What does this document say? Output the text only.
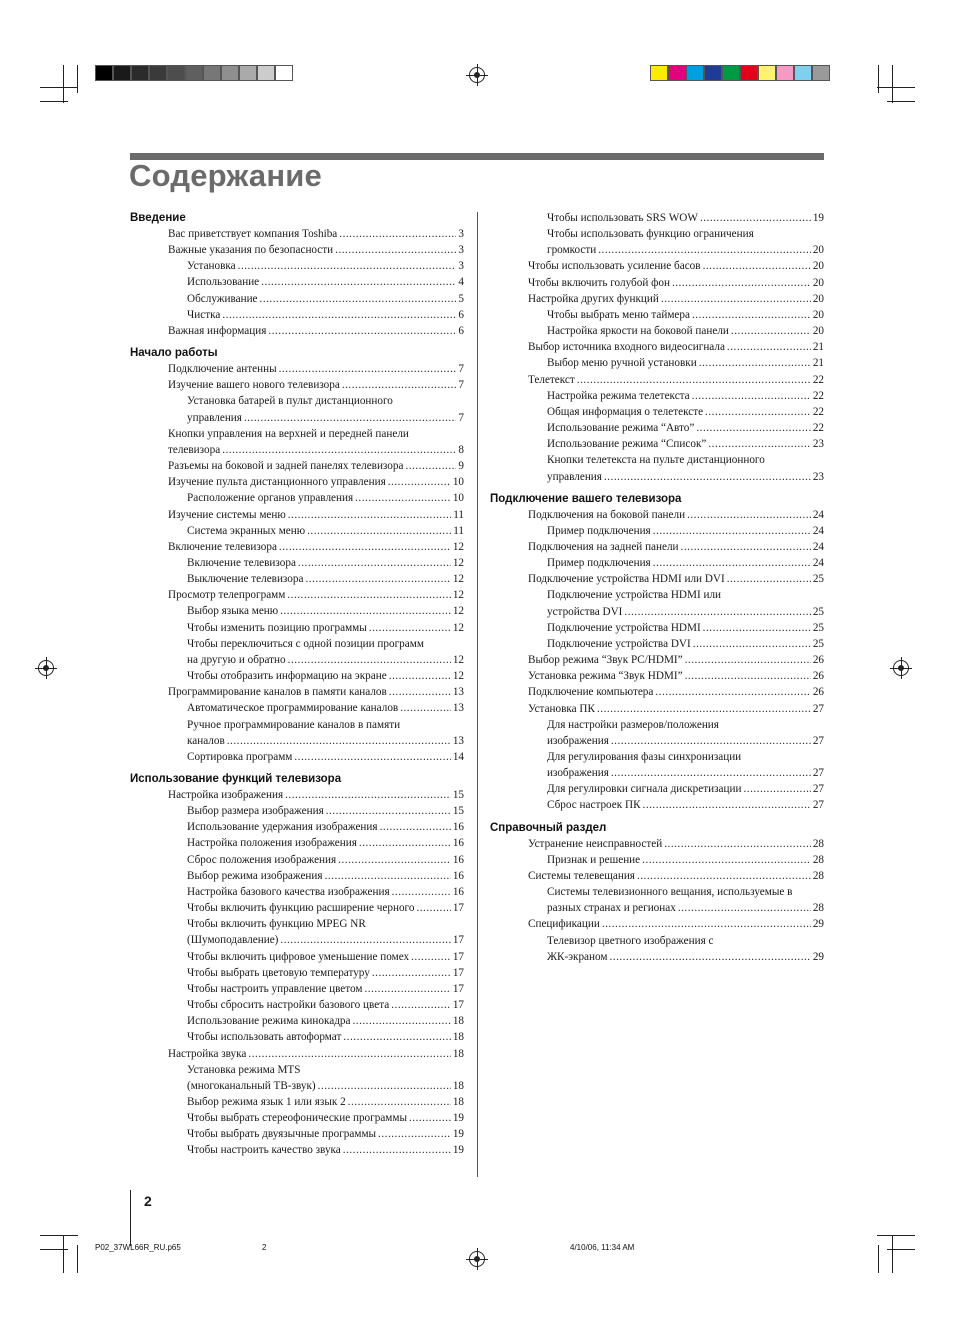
Содержание
Введение
Вас приветствует компания Toshiba .....	3
Важные указания по безопасности .....	3
Установка .....	3
Использование .....	4
Обслуживание .....	5
Чистка .....	6
Важная информация .....	6
Начало работы
Подключение антенны .....	7
Изучение вашего нового телевизора .....	7
Установка батарей в пульт дистанционного
управления .....	7
Кнопки управления на верхней и передней панели
телевизора .....	8
Разъемы на боковой и задней панелях телевизора .....	9
Изучение пульта дистанционного управления .....	10
Расположение органов управления .....	10
Изучение системы меню .....	11
Система экранных меню .....	11
Включение телевизора .....	12
Включение телевизора .....	12
Выключение телевизора .....	12
Просмотр телепрограмм .....	12
Выбор языка меню .....	12
Чтобы изменить позицию программы .....	12
Чтобы переключиться с одной позиции программ
на другую и обратно .....	12
Чтобы отобразить информацию на экране .....	12
Программирование каналов в памяти каналов .....	13
Автоматическое программирование каналов .....	13
Ручное программирование каналов в памяти
каналов .....	13
Сортировка программ .....	14
Использование функций телевизора
Настройка изображения .....	15
Выбор размера изображения .....	15
Использование удержания изображения .....	16
Настройка положения изображения .....	16
Сброс положения изображения .....	16
Выбор режима изображения .....	16
Настройка базового качества изображения .....	16
Чтобы включить функцию расширение черного .....	17
Чтобы включить функцию MPEG NR
(Шумоподавление) .....	17
Чтобы включить цифровое уменьшение помех .....	17
Чтобы выбрать цветовую температуру .....	17
Чтобы настроить управление цветом .....	17
Чтобы сбросить настройки базового цвета .....	17
Использование режима кинокадра .....	18
Чтобы использовать автоформат .....	18
Настройка звука .....	18
Установка режима MTS
(многоканальный ТВ-звук) .....	18
Выбор режима язык 1 или язык 2 .....	18
Чтобы выбрать стереофонические программы .....	19
Чтобы выбрать двуязычные программы .....	19
Чтобы настроить качество звука .....	19
Чтобы использовать SRS WOW .....	19
Чтобы использовать функцию ограничения
громкости .....	20
Чтобы использовать усиление басов .....	20
Чтобы включить голубой фон .....	20
Настройка других функций .....	20
Чтобы выбрать меню таймера .....	20
Настройка яркости на боковой панели .....	20
Выбор источника входного видеосигнала .....	21
Выбор меню ручной установки .....	21
Телетекст .....	22
Настройка режима телетекста .....	22
Общая информация о телетексте .....	22
Использование режима “Авто” .....	22
Использование режима “Список” .....	23
Кнопки телетекста на пульте дистанционного
управления .....	23
Подключение вашего телевизора
Подключения на боковой панели .....	24
Пример подключения .....	24
Подключения на задней панели .....	24
Пример подключения .....	24
Подключение устройства HDMI или DVI .....	25
Подключение устройства HDMI или
устройства DVI .....	25
Подключение устройства HDMI .....	25
Подключение устройства DVI .....	25
Выбор режима “Звук PC/HDMI” .....	26
Установка режима “Звук HDMI” .....	26
Подключение компьютера .....	26
Установка ПК .....	27
Для настройки размеров/положения
изображения .....	27
Для регулирования фазы синхронизации
изображения .....	27
Для регулировки сигнала дискретизации .....	27
Сброс настроек ПК .....	27
Справочный раздел
Устранение неисправностей .....	28
Признак и решение .....	28
Системы телевещания .....	28
Системы телевизионного вещания, используемые в
разных странах и регионах .....	28
Спецификации .....	29
Телевизор цветного изображения с
ЖК-экраном .....	29
2
P02_37WL66R_RU.p65	2	4/10/06, 11:34 AM
